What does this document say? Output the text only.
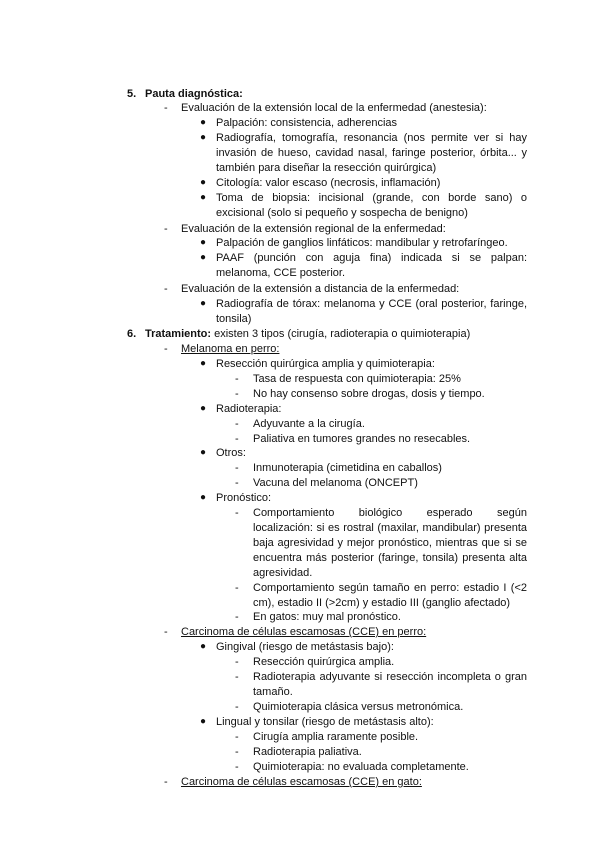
5. Pauta diagnóstica:
- Evaluación de la extensión local de la enfermedad (anestesia):
● Palpación: consistencia, adherencias
● Radiografía, tomografía, resonancia (nos permite ver si hay
invasión de hueso, cavidad nasal, faringe posterior, órbita... y
también para diseñar la resección quirúrgica)
● Citología: valor escaso (necrosis, inflamación)
● Toma de biopsia: incisional (grande, con borde sano) o
excisional (solo si pequeño y sospecha de benigno)
- Evaluación de la extensión regional de la enfermedad:
● Palpación de ganglios linfáticos: mandibular y retrofaríngeo.
● PAAF (punción con aguja fina) indicada si se palpan:
melanoma, CCE posterior.
- Evaluación de la extensión a distancia de la enfermedad:
● Radiografía de tórax: melanoma y CCE (oral posterior, faringe,
tonsila)
6. Tratamiento: existen 3 tipos (cirugía, radioterapia o quimioterapia)
- Melanoma en perro:
● Resección quirúrgica amplia y quimioterapia:
- Tasa de respuesta con quimioterapia: 25%
- No hay consenso sobre drogas, dosis y tiempo.
● Radioterapia:
- Adyuvante a la cirugía.
- Paliativa en tumores grandes no resecables.
● Otros:
- Inmunoterapia (cimetidina en caballos)
- Vacuna del melanoma (ONCEPT)
● Pronóstico:
- Comportamiento biológico esperado según
localización: si es rostral (maxilar, mandibular) presenta
baja agresividad y mejor pronóstico, mientras que si se
encuentra más posterior (faringe, tonsila) presenta alta
agresividad.
- Comportamiento según tamaño en perro: estadio I (<2
cm), estadio II (>2cm) y estadio III (ganglio afectado)
- En gatos: muy mal pronóstico.
- Carcinoma de células escamosas (CCE) en perro:
● Gingival (riesgo de metástasis bajo):
- Resección quirúrgica amplia.
- Radioterapia adyuvante si resección incompleta o gran
tamaño.
- Quimioterapia clásica versus metronómica.
● Lingual y tonsilar (riesgo de metástasis alto):
- Cirugía amplia raramente posible.
- Radioterapia paliativa.
- Quimioterapia: no evaluada completamente.
- Carcinoma de células escamosas (CCE) en gato:
